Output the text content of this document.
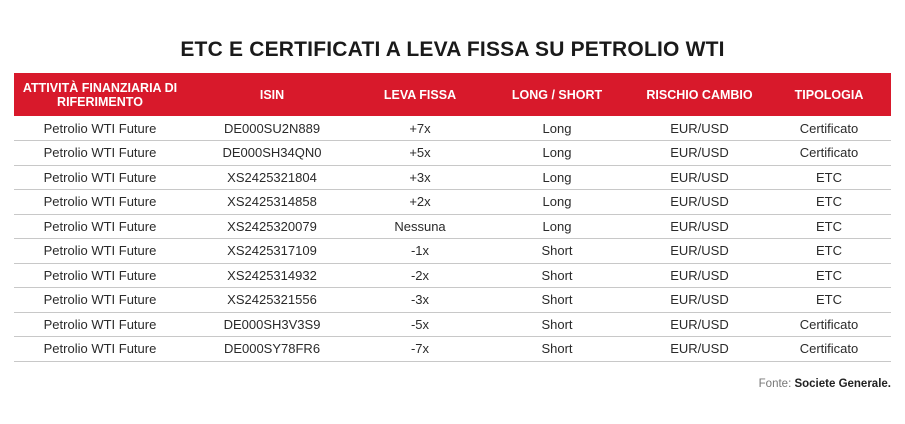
ETC E CERTIFICATI A LEVA FISSA SU PETROLIO WTI
ATTIVITÀ FINANZIARIA DI RIFERIMENTO	ISIN	LEVA FISSA	LONG / SHORT	RISCHIO CAMBIO	TIPOLOGIA
Petrolio WTI Future	DE000SU2N889	+7x	Long	EUR/USD	Certificato
Petrolio WTI Future	DE000SH34QN0	+5x	Long	EUR/USD	Certificato
Petrolio WTI Future	XS2425321804	+3x	Long	EUR/USD	ETC
Petrolio WTI Future	XS2425314858	+2x	Long	EUR/USD	ETC
Petrolio WTI Future	XS2425320079	Nessuna	Long	EUR/USD	ETC
Petrolio WTI Future	XS2425317109	-1x	Short	EUR/USD	ETC
Petrolio WTI Future	XS2425314932	-2x	Short	EUR/USD	ETC
Petrolio WTI Future	XS2425321556	-3x	Short	EUR/USD	ETC
Petrolio WTI Future	DE000SH3V3S9	-5x	Short	EUR/USD	Certificato
Petrolio WTI Future	DE000SY78FR6	-7x	Short	EUR/USD	Certificato
Fonte: Societe Generale.
